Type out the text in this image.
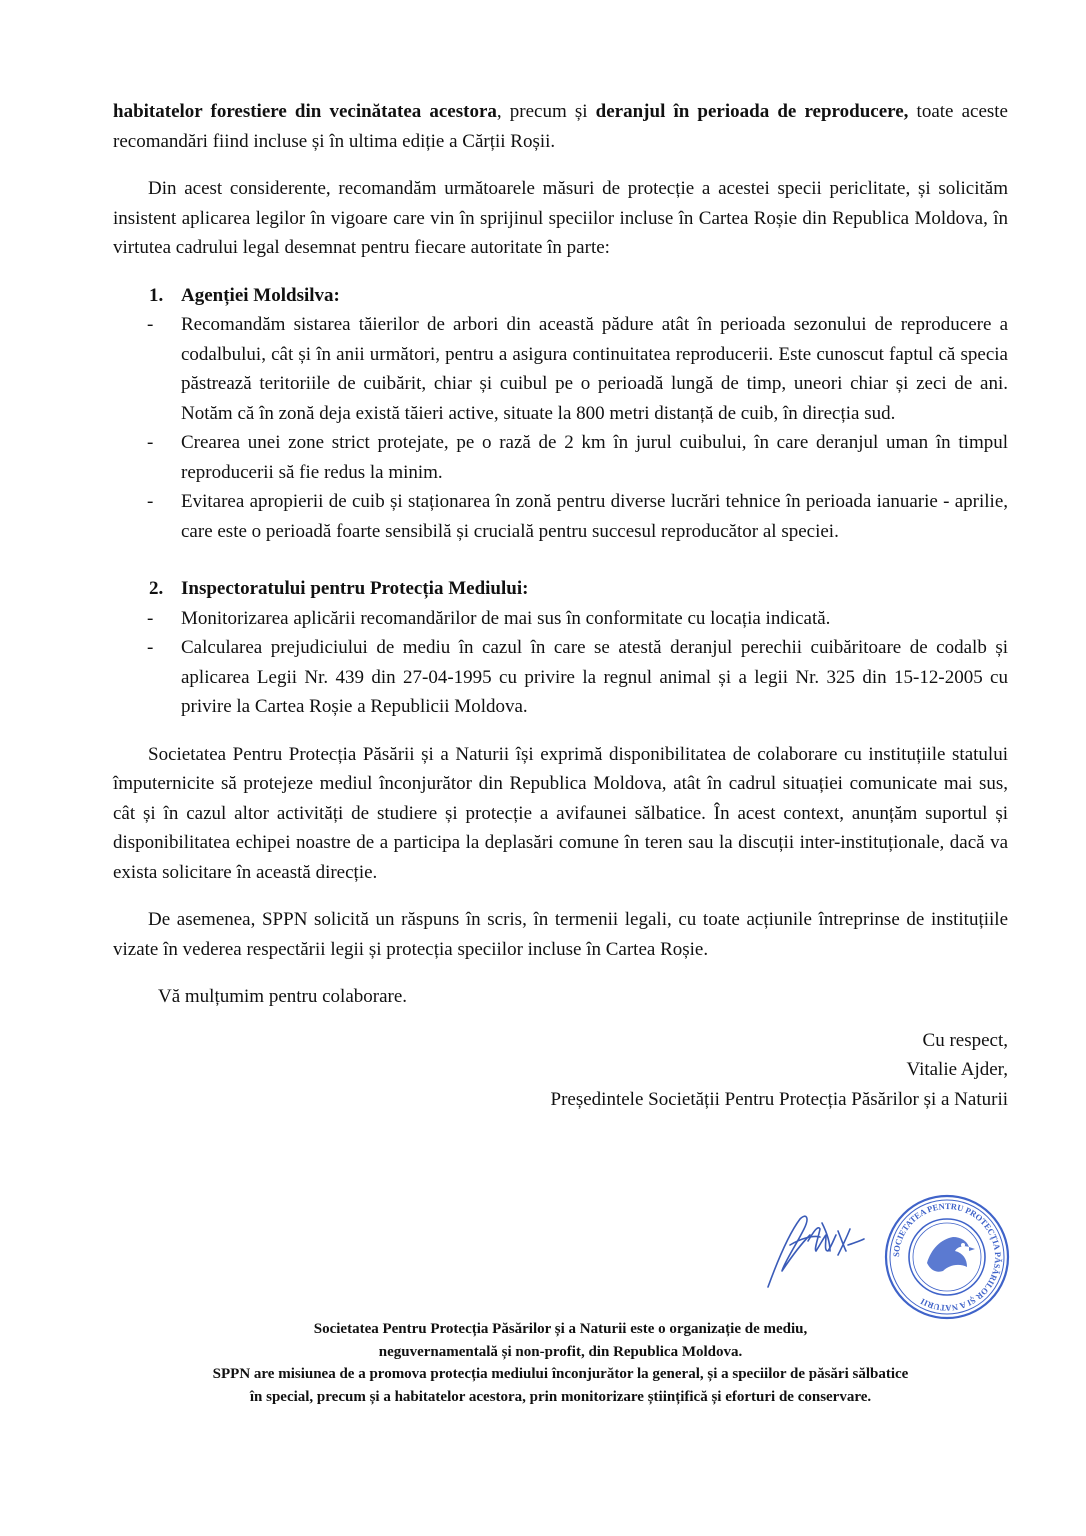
habitatelor forestiere din vecinătatea acestora, precum și deranjul în perioada de reproducere, toate aceste recomandări fiind incluse și în ultima ediție a Cărții Roșii.

Din acest considerente, recomandăm următoarele măsuri de protecție a acestei specii periclitate, și solicităm insistent aplicarea legilor în vigoare care vin în sprijinul speciilor incluse în Cartea Roșie din Republica Moldova, în virtutea cadrului legal desemnat pentru fiecare autoritate în parte:

1. Agenției Moldsilva:
- Recomandăm sistarea tăierilor de arbori din această pădure atât în perioada sezonului de reproducere a codalbului, cât și în anii următori, pentru a asigura continuitatea reproducerii. Este cunoscut faptul că specia păstrează teritoriile de cuibărit, chiar și cuibul pe o perioadă lungă de timp, uneori chiar și zeci de ani. Notăm că în zonă deja există tăieri active, situate la 800 metri distanță de cuib, în direcția sud.
- Crearea unei zone strict protejate, pe o rază de 2 km în jurul cuibului, în care deranjul uman în timpul reproducerii să fie redus la minim.
- Evitarea apropierii de cuib și staționarea în zonă pentru diverse lucrări tehnice în perioada ianuarie - aprilie, care este o perioadă foarte sensibilă și crucială pentru succesul reproducător al speciei.
2. Inspectoratului pentru Protecția Mediului:
- Monitorizarea aplicării recomandărilor de mai sus în conformitate cu locația indicată.
- Calcularea prejudiciului de mediu în cazul în care se atestă deranjul perechii cuibăritoare de codalb și aplicarea Legii Nr. 439 din 27-04-1995 cu privire la regnul animal și a legii Nr. 325 din 15-12-2005 cu privire la Cartea Roșie a Republicii Moldova.

Societatea Pentru Protecția Păsării și a Naturii își exprimă disponibilitatea de colaborare cu instituțiile statului împuternicite să protejeze mediul înconjurător din Republica Moldova, atât în cadrul situației comunicate mai sus, cât și în cazul altor activități de studiere și protecție a avifaunei sălbatice. În acest context, anunțăm suportul și disponibilitatea echipei noastre de a participa la deplasări comune în teren sau la discuții inter-instituționale, dacă va exista solicitare în această direcție.

De asemenea, SPPN solicită un răspuns în scris, în termenii legali, cu toate acțiunile întreprinse de instituțiile vizate în vederea respectării legii și protecția speciilor incluse în Cartea Roșie.

Vă mulțumim pentru colaborare.
Cu respect,
Vitalie Ajder,
Președintele Societății Pentru Protecția Păsărilor și a Naturii
SOCIETATEA PENTRU PROTECȚIA PĂSĂRILOR ȘI A NATURII
Societatea Pentru Protecția Păsărilor și a Naturii este o organizație de mediu,
neguvernamentală și non-profit, din Republica Moldova.
SPPN are misiunea de a promova protecția mediului înconjurător la general, și a speciilor de păsări sălbatice
în special, precum și a habitatelor acestora, prin monitorizare științifică și eforturi de conservare.
